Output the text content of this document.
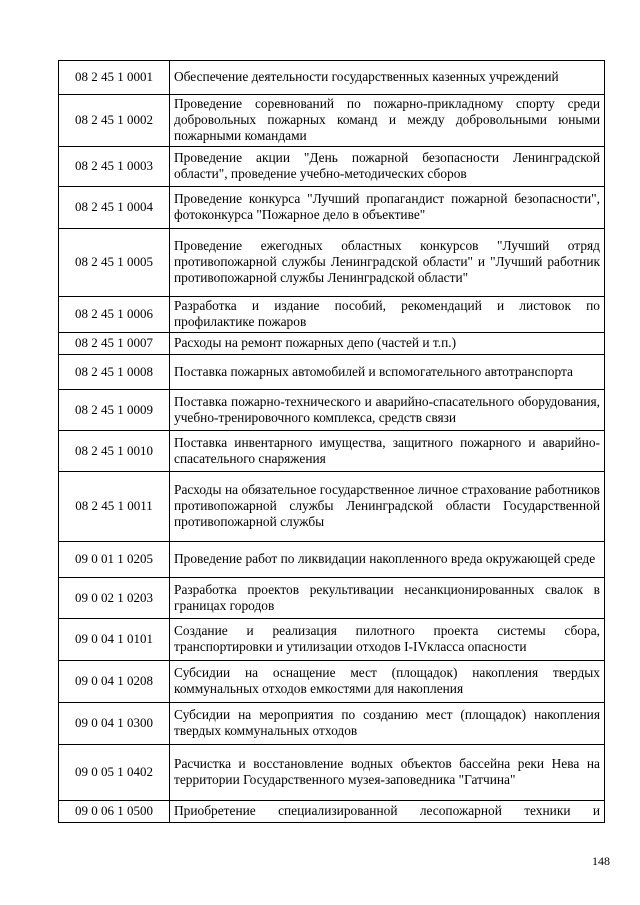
08 2 45 1 0001	Обеспечение деятельности государственных казенных учреждений
08 2 45 1 0002	Проведение соревнований по пожарно-прикладному спорту среди добровольных пожарных команд и между добровольными юными пожарными командами
08 2 45 1 0003	Проведение акции "День пожарной безопасности Ленинградской области", проведение учебно-методических сборов
08 2 45 1 0004	Проведение конкурса "Лучший пропагандист пожарной безопасности", фотоконкурса "Пожарное дело в объективе"
08 2 45 1 0005	Проведение ежегодных областных конкурсов "Лучший отряд противопожарной службы Ленинградской области" и "Лучший работник противопожарной службы Ленинградской области"
08 2 45 1 0006	Разработка и издание пособий, рекомендаций и листовок по профилактике пожаров
08 2 45 1 0007	Расходы на ремонт пожарных депо (частей и т.п.)
08 2 45 1 0008	Поставка пожарных автомобилей и вспомогательного автотранспорта
08 2 45 1 0009	Поставка пожарно-технического и аварийно-спасательного оборудования, учебно-тренировочного комплекса, средств связи
08 2 45 1 0010	Поставка инвентарного имущества, защитного пожарного и аварийно-спасательного снаряжения
08 2 45 1 0011	Расходы на обязательное государственное личное страхование работников противопожарной службы Ленинградской области Государственной противопожарной службы
09 0 01 1 0205	Проведение работ по ликвидации накопленного вреда окружающей среде
09 0 02 1 0203	Разработка проектов рекультивации несанкционированных свалок в границах городов
09 0 04 1 0101	Создание и реализация пилотного проекта системы сбора, транспортировки и утилизации отходов I-IVкласса опасности
09 0 04 1 0208	Субсидии на оснащение мест (площадок) накопления твердых коммунальных отходов емкостями для накопления
09 0 04 1 0300	Субсидии на мероприятия по созданию мест (площадок) накопления твердых коммунальных отходов
09 0 05 1 0402	Расчистка и восстановление водных объектов бассейна реки Нева на территории Государственного музея-заповедника "Гатчина"
09 0 06 1 0500	Приобретение специализированной лесопожарной техники и
148
